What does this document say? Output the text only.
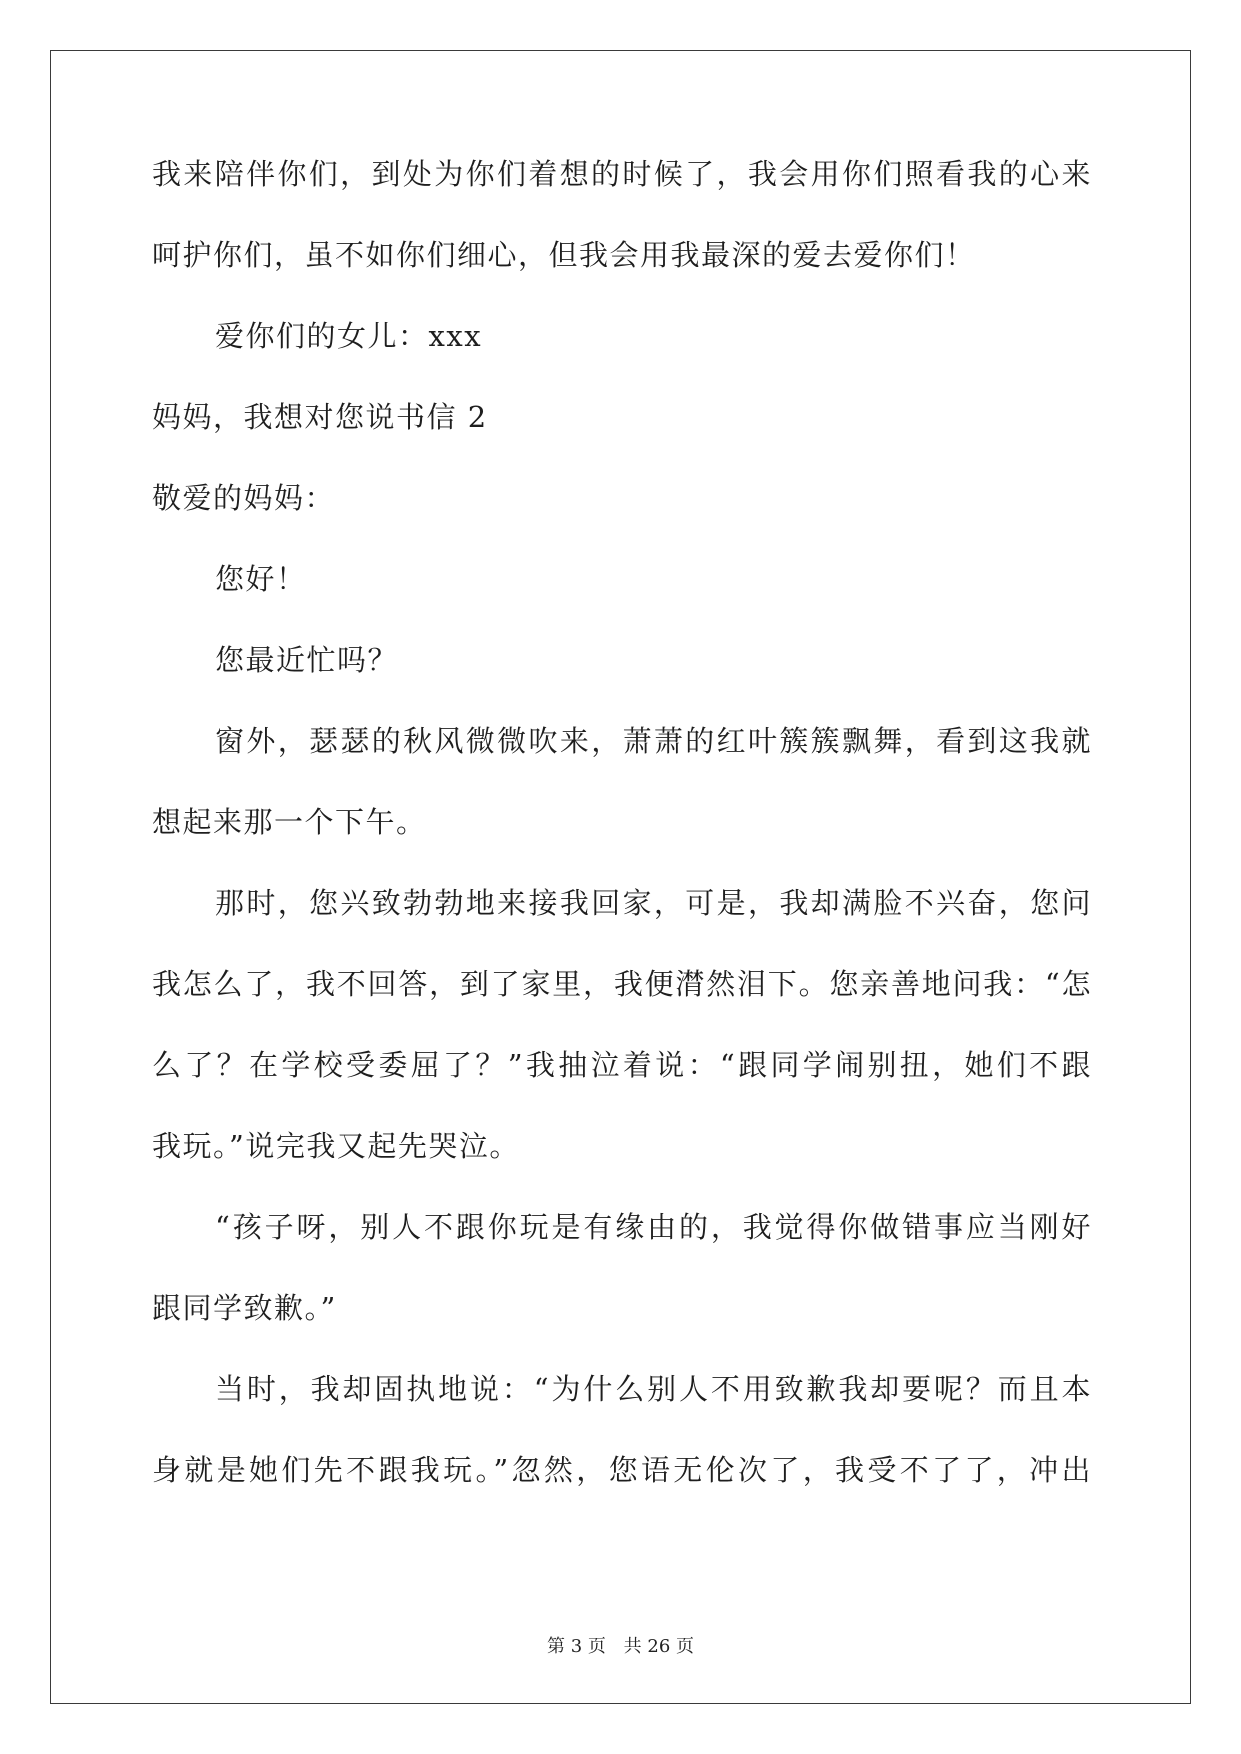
我来陪伴你们，到处为你们着想的时候了，我会用你们照看我的心来
呵护你们，虽不如你们细心，但我会用我最深的爱去爱你们！
爱你们的女儿：xxx
妈妈，我想对您说书信 2
敬爱的妈妈：
您好！
您最近忙吗？
窗外，瑟瑟的秋风微微吹来，萧萧的红叶簇簇飘舞，看到这我就
想起来那一个下午。
那时，您兴致勃勃地来接我回家，可是，我却满脸不兴奋，您问
我怎么了，我不回答，到了家里，我便潸然泪下。您亲善地问我：“怎
么了？在学校受委屈了？”我抽泣着说：“跟同学闹别扭，她们不跟
我玩。”说完我又起先哭泣。
“孩子呀，别人不跟你玩是有缘由的，我觉得你做错事应当刚好
跟同学致歉。”
当时，我却固执地说：“为什么别人不用致歉我却要呢？而且本
身就是她们先不跟我玩。”忽然，您语无伦次了，我受不了了，冲出
第 3 页 共 26 页
